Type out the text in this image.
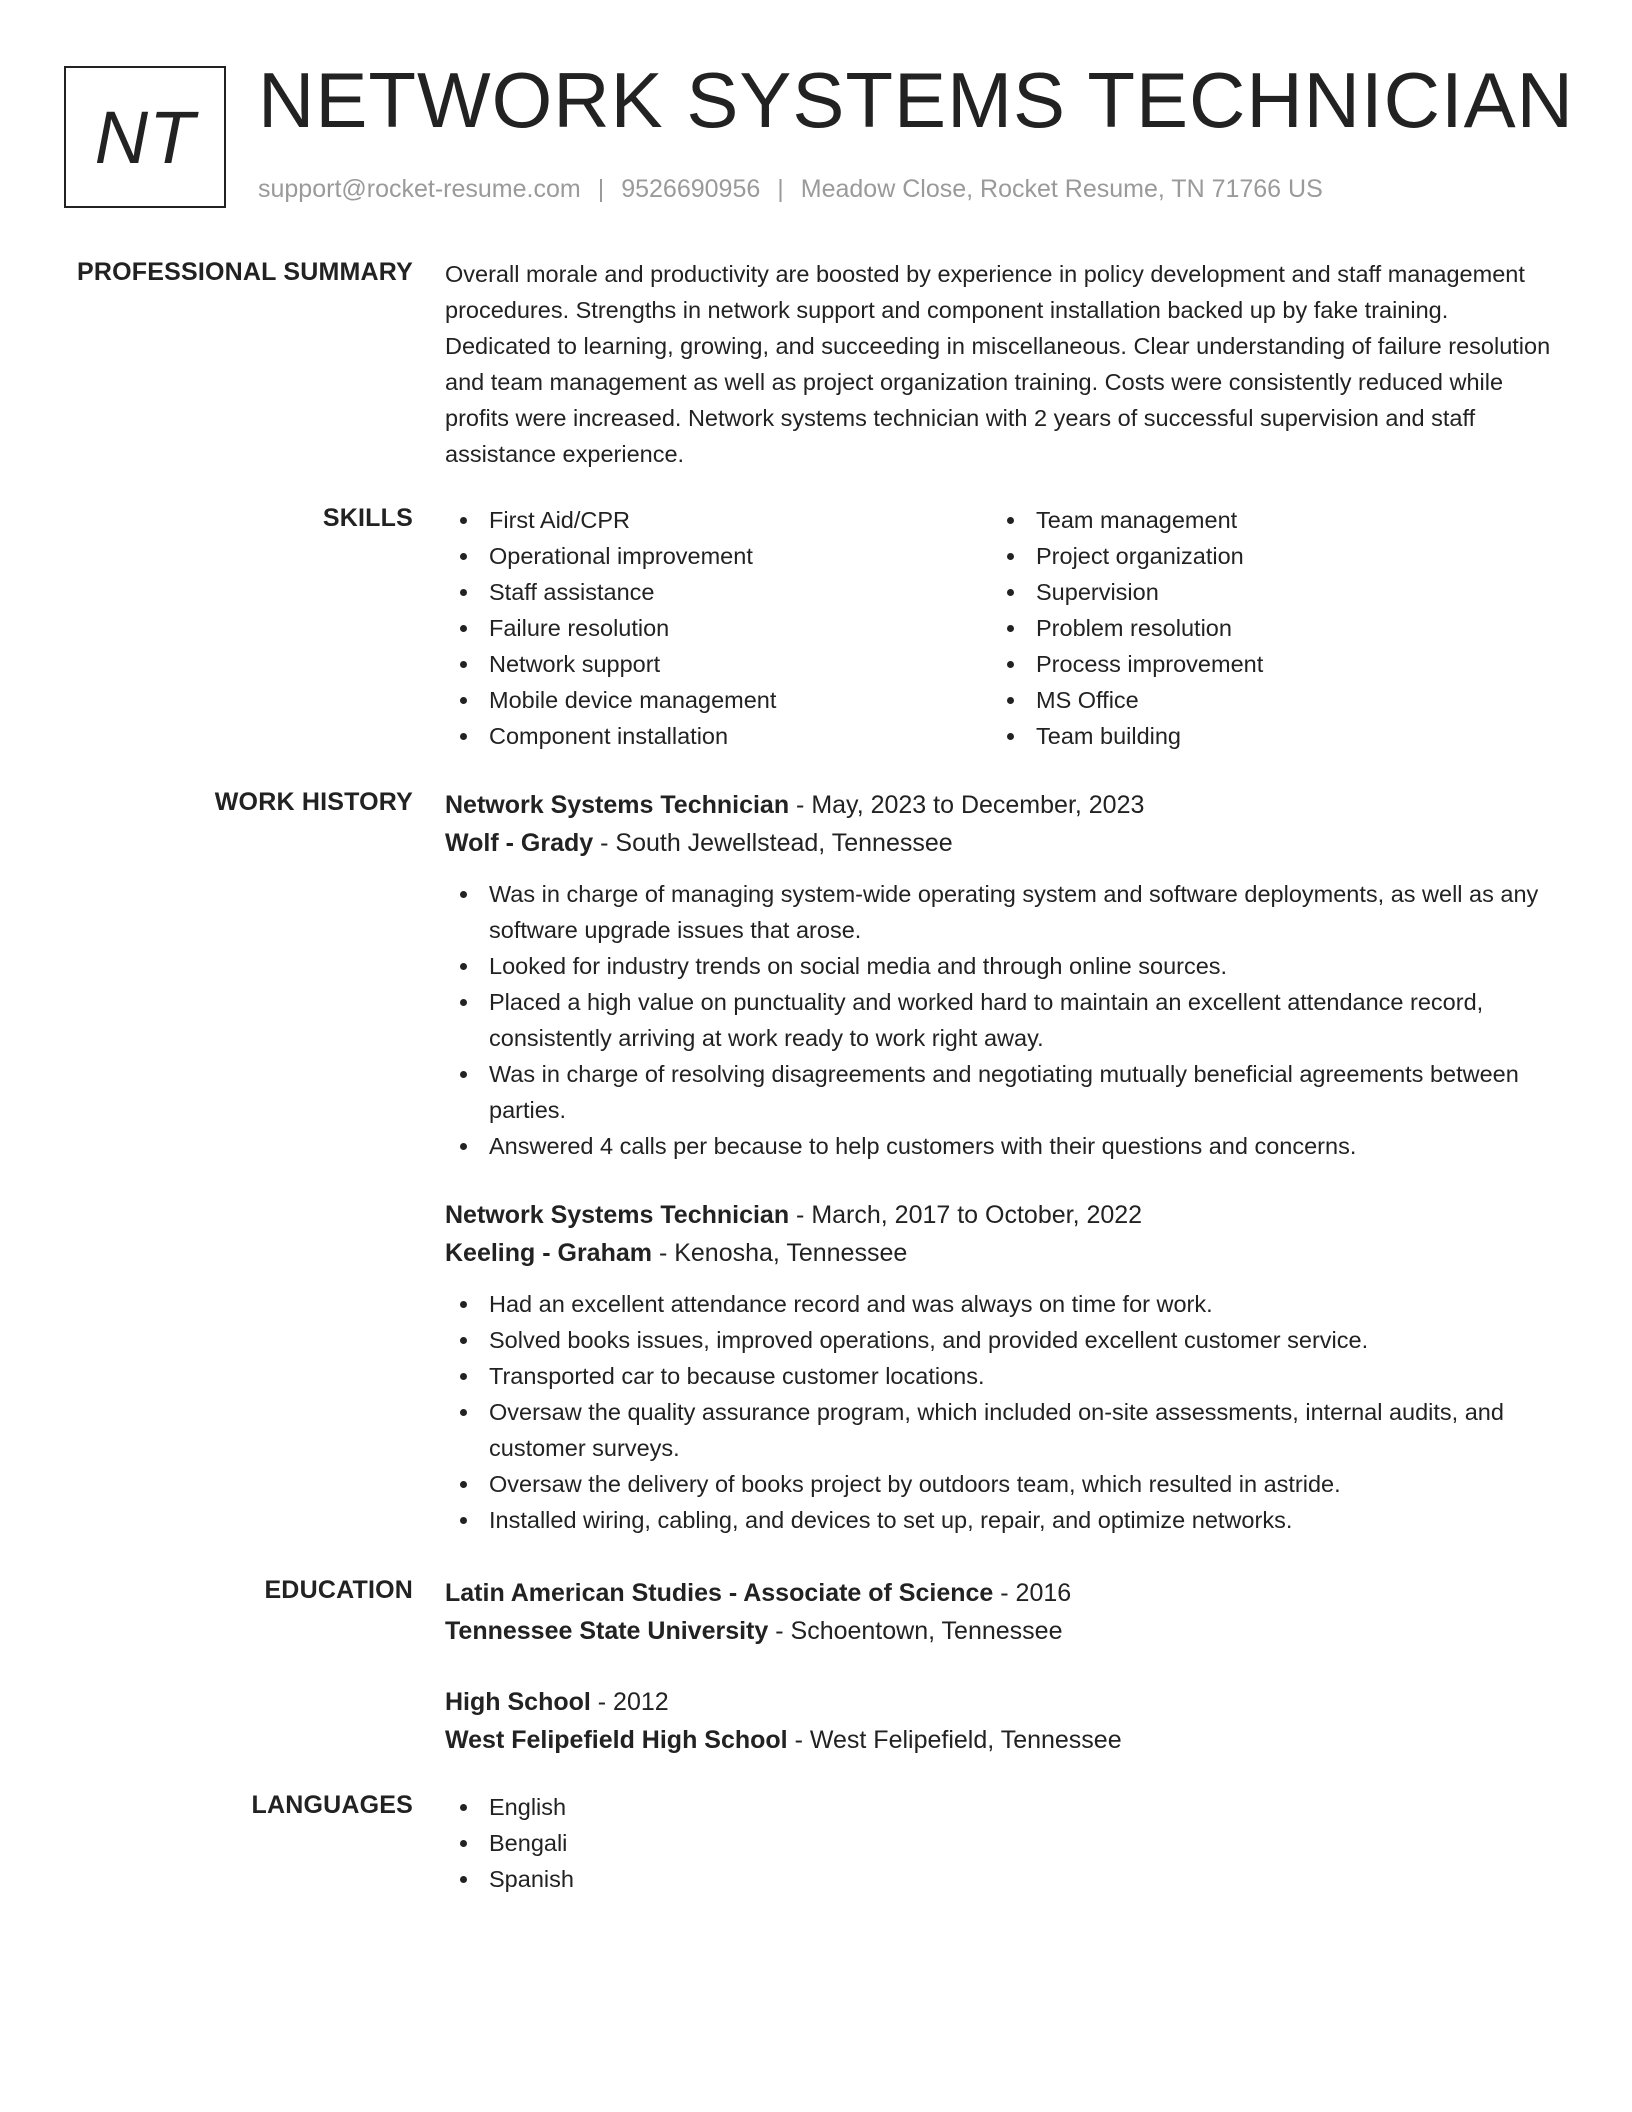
NT NETWORK SYSTEMS TECHNICIAN
support@rocket-resume.com | 9526690956 | Meadow Close, Rocket Resume, TN 71766 US
PROFESSIONAL SUMMARY Overall morale and productivity are boosted by experience in policy development and staff management procedures. Strengths in network support and component installation backed up by fake training. Dedicated to learning, growing, and succeeding in miscellaneous. Clear understanding of failure resolution and team management as well as project organization training. Costs were consistently reduced while profits were increased. Network systems technician with 2 years of successful supervision and staff assistance experience.

SKILLS	First Aid/CPR
Operational improvement
Staff assistance
Failure resolution
Network support
Mobile device management
Component installation
Team management
Project organization
Supervision
Problem resolution
Process improvement
MS Office
Team building
WORK HISTORY Network Systems Technician - May, 2023 to December, 2023
Wolf - Grady - South Jewellstead, Tennessee
Was in charge of managing system-wide operating system and software deployments, as well as any software upgrade issues that arose.
Looked for industry trends on social media and through online sources.
Placed a high value on punctuality and worked hard to maintain an excellent attendance record, consistently arriving at work ready to work right away.
Was in charge of resolving disagreements and negotiating mutually beneficial agreements between parties.
Answered 4 calls per because to help customers with their questions and concerns.
Network Systems Technician - March, 2017 to October, 2022
Keeling - Graham - Kenosha, Tennessee
Had an excellent attendance record and was always on time for work.
Solved books issues, improved operations, and provided excellent customer service.
Transported car to because customer locations.
Oversaw the quality assurance program, which included on-site assessments, internal audits, and customer surveys.
Oversaw the delivery of books project by outdoors team, which resulted in astride.
Installed wiring, cabling, and devices to set up, repair, and optimize networks.
EDUCATION Latin American Studies - Associate of Science - 2016
Tennessee State University - Schoentown, Tennessee
High School - 2012
West Felipefield High School - West Felipefield, Tennessee
LANGUAGES	English
Bengali
Spanish
